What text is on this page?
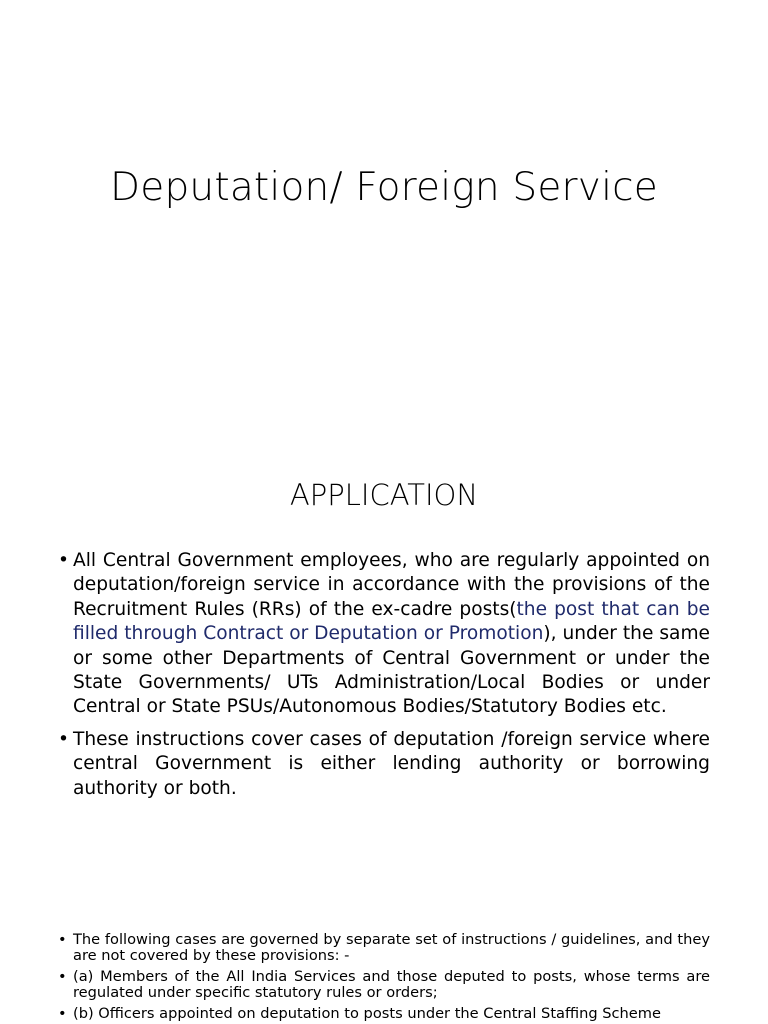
Deputation/ Foreign Service
APPLICATION
• All Central Government employees, who are regularly appointed on deputation/foreign service in accordance with the provisions of the Recruitment Rules (RRs) of the ex-cadre posts(the post that can be filled through Contract or Deputation or Promotion), under the same or some other Departments of Central Government or under the State Governments/ UTs Administration/Local Bodies or under Central or State PSUs/Autonomous Bodies/Statutory Bodies etc.
• These instructions cover cases of deputation /foreign service where central Government is either lending authority or borrowing authority or both.
• The following cases are governed by separate set of instructions / guidelines, and they are not covered by these provisions: -
• (a) Members of the All India Services and those deputed to posts, whose terms are regulated under specific statutory rules or orders;
• (b) Officers appointed on deputation to posts under the Central Staffing Scheme
